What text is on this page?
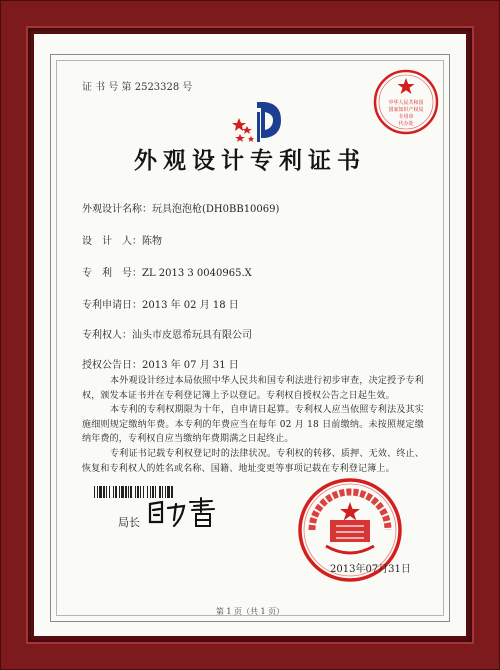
证 书 号 第 2523328 号
中华人民共和国
国家知识产权局
专用章
代办处
外观设计专利证书
外观设计名称：玩具泡泡枪(DH0BB10069)
设　计　人：陈物
专　利　号：ZL 2013 3 0040965.X
专利申请日：2013 年 02 月 18 日
专利权人：汕头市皮恩希玩具有限公司
授权公告日：2013 年 07 月 31 日

本外观设计经过本局依照中华人民共和国专利法进行初步审查，决定授予专利权，颁发本证书并在专利登记簿上予以登记。专利权自授权公告之日起生效。

本专利的专利权期限为十年，自申请日起算。专利权人应当依照专利法及其实施细则规定缴纳年费。本专利的年费应当在每年 02 月 18 日前缴纳。未按照规定缴纳年费的，专利权自应当缴纳年费期满之日起终止。

专利证书记载专利权登记时的法律状况。专利权的转移、质押、无效、终止、恢复和专利权人的姓名或名称、国籍、地址变更等事项记载在专利登记簿上。

局长
2013年07月31日
第 1 页（共 1 页）
